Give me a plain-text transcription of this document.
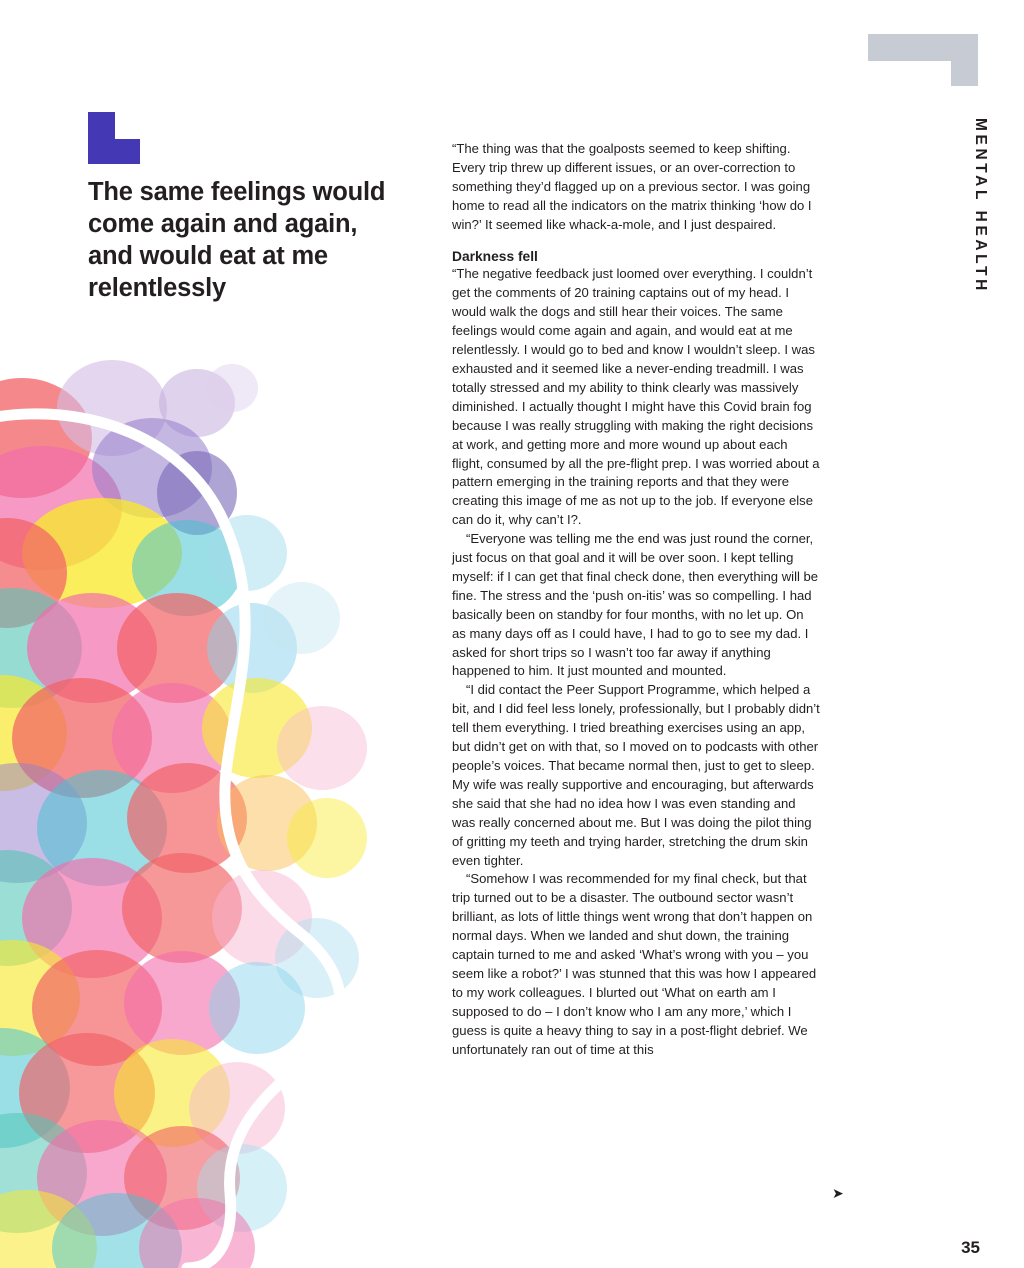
MENTAL HEALTH
The same feelings would come again and again, and would eat at me relentlessly

“The thing was that the goalposts seemed to keep shifting. Every trip threw up different issues, or an over-correction to something they’d flagged up on a previous sector. I was going home to read all the indicators on the matrix thinking ‘how do I win?’ It seemed like whack-a-mole, and I just despaired.

Darkness fell

“The negative feedback just loomed over everything. I couldn’t get the comments of 20 training captains out of my head. I would walk the dogs and still hear their voices. The same feelings would come again and again, and would eat at me relentlessly. I would go to bed and know I wouldn’t sleep. I was exhausted and it seemed like a never-ending treadmill. I was totally stressed and my ability to think clearly was massively diminished. I actually thought I might have this Covid brain fog because I was really struggling with making the right decisions at work, and getting more and more wound up about each flight, consumed by all the pre-flight prep. I was worried about a pattern emerging in the training reports and that they were creating this image of me as not up to the job. If everyone else can do it, why can’t I?.

“Everyone was telling me the end was just round the corner, just focus on that goal and it will be over soon. I kept telling myself: if I can get that final check done, then everything will be fine. The stress and the ‘push on-itis’ was so compelling. I had basically been on standby for four months, with no let up. On as many days off as I could have, I had to go to see my dad. I asked for short trips so I wasn’t too far away if anything happened to him. It just mounted and mounted.

“I did contact the Peer Support Programme, which helped a bit, and I did feel less lonely, professionally, but I probably didn’t tell them everything. I tried breathing exercises using an app, but didn’t get on with that, so I moved on to podcasts with other people’s voices. That became normal then, just to get to sleep. My wife was really supportive and encouraging, but afterwards she said that she had no idea how I was even standing and was really concerned about me. But I was doing the pilot thing of gritting my teeth and trying harder, stretching the drum skin even tighter.

“Somehow I was recommended for my final check, but that trip turned out to be a disaster. The outbound sector wasn’t brilliant, as lots of little things went wrong that don’t happen on normal days. When we landed and shut down, the training captain turned to me and asked ‘What’s wrong with you – you seem like a robot?’ I was stunned that this was how I appeared to my work colleagues. I blurted out ‘What on earth am I supposed to do – I don’t know who I am any more,’ which I guess is quite a heavy thing to say in a post-flight debrief. We unfortunately ran out of time at this

➤
35
